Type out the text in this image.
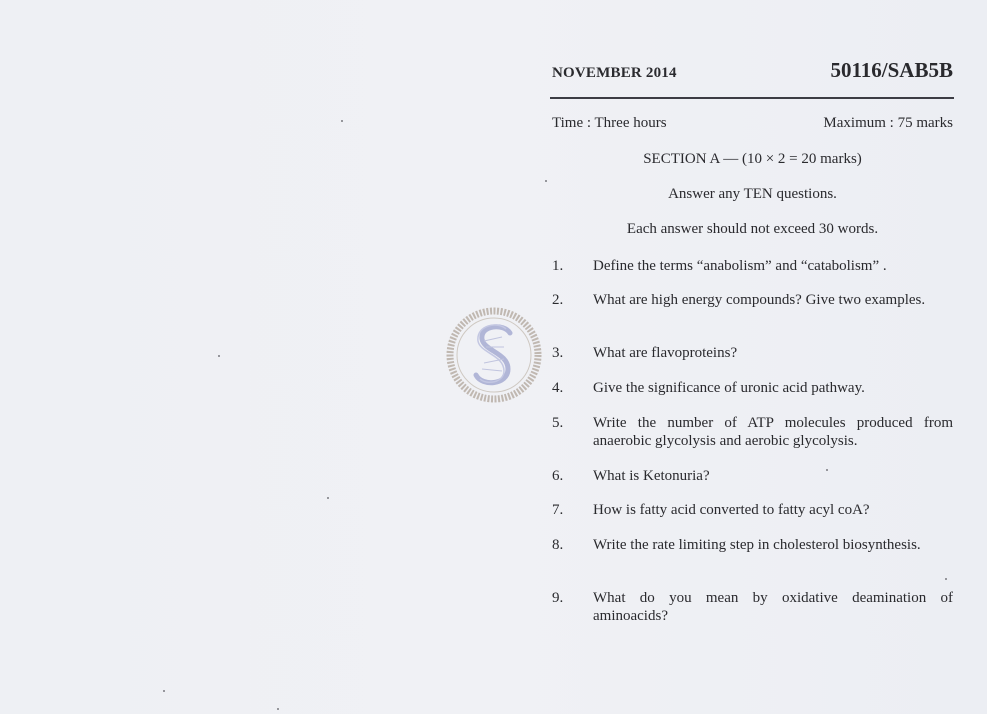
NOVEMBER 2014	50116/SAB5B
Time : Three hours	Maximum : 75 marks
SECTION A — (10 × 2 = 20 marks)
Answer any TEN questions.
Each answer should not exceed 30 words.
1. Define the terms “anabolism” and “catabolism” .
2. What are high energy compounds? Give two examples.
3. What are flavoproteins?
4. Give the significance of uronic acid pathway.
5. Write the number of ATP molecules produced from anaerobic glycolysis and aerobic glycolysis.
6. What is Ketonuria?
7. How is fatty acid converted to fatty acyl coA?
8. Write the rate limiting step in cholesterol biosynthesis.
9. What do you mean by oxidative deamination of aminoacids?
